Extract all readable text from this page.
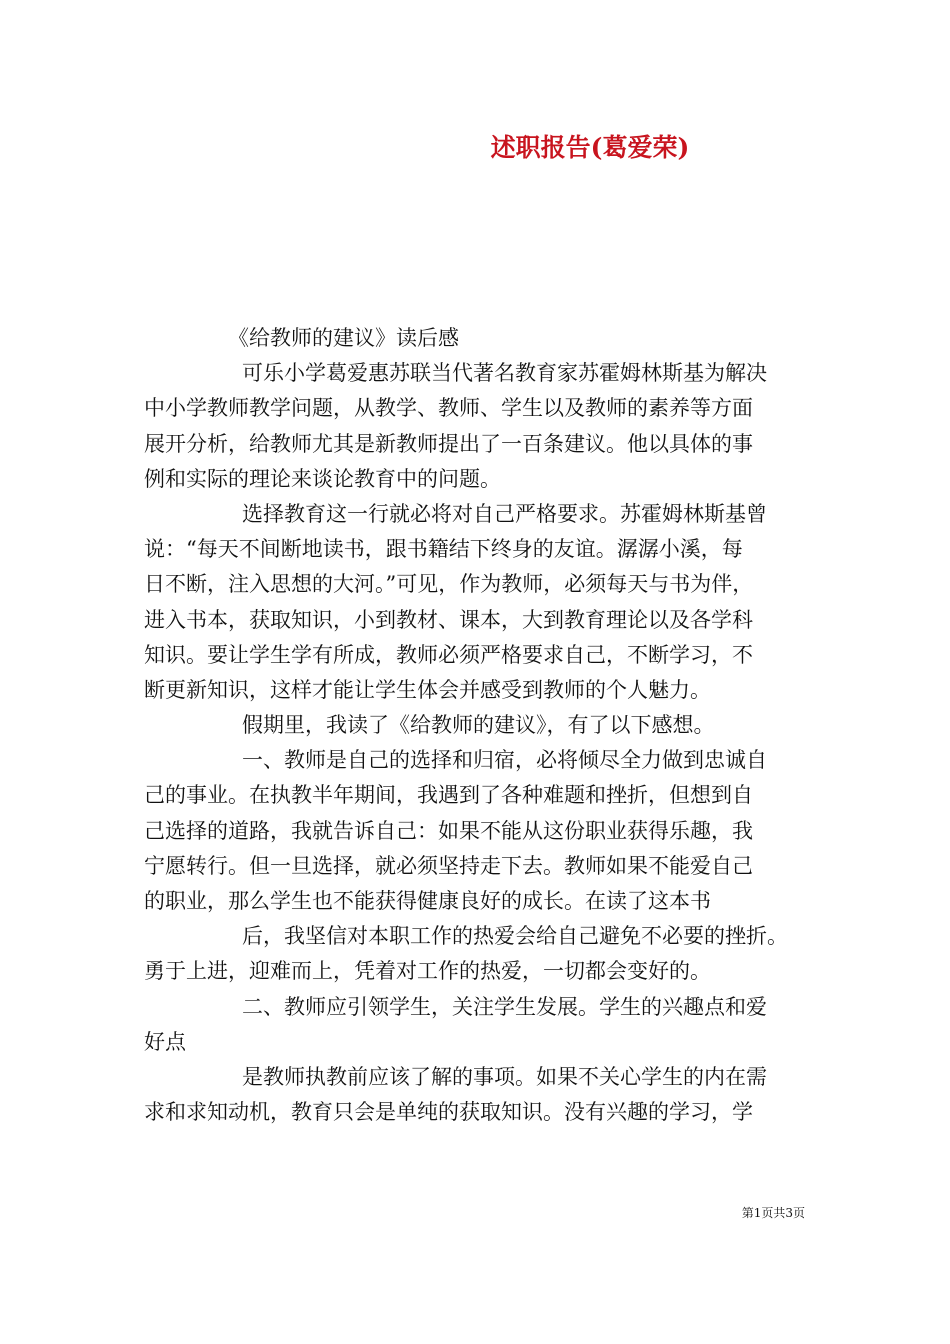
述职报告(葛爱荣)
《给教师的建议》读后感
可乐小学葛爱惠苏联当代著名教育家苏霍姆林斯基为解决
中小学教师教学问题，从教学、教师、学生以及教师的素养等方面
展开分析，给教师尤其是新教师提出了一百条建议。他以具体的事
例和实际的理论来谈论教育中的问题。
选择教育这一行就必将对自己严格要求。苏霍姆林斯基曾
说：“每天不间断地读书，跟书籍结下终身的友谊。潺潺小溪，每
日不断，注入思想的大河。”可见，作为教师，必须每天与书为伴，
进入书本，获取知识，小到教材、课本，大到教育理论以及各学科
知识。要让学生学有所成，教师必须严格要求自己，不断学习，不
断更新知识，这样才能让学生体会并感受到教师的个人魅力。
假期里，我读了《给教师的建议》，有了以下感想。
一、教师是自己的选择和归宿，必将倾尽全力做到忠诚自
己的事业。在执教半年期间，我遇到了各种难题和挫折，但想到自
己选择的道路，我就告诉自己：如果不能从这份职业获得乐趣，我
宁愿转行。但一旦选择，就必须坚持走下去。教师如果不能爱自己
的职业，那么学生也不能获得健康良好的成长。在读了这本书
后，我坚信对本职工作的热爱会给自己避免不必要的挫折。
勇于上进，迎难而上，凭着对工作的热爱，一切都会变好的。
二、教师应引领学生，关注学生发展。学生的兴趣点和爱
好点
是教师执教前应该了解的事项。如果不关心学生的内在需
求和求知动机，教育只会是单纯的获取知识。没有兴趣的学习，学
第1页共3页
